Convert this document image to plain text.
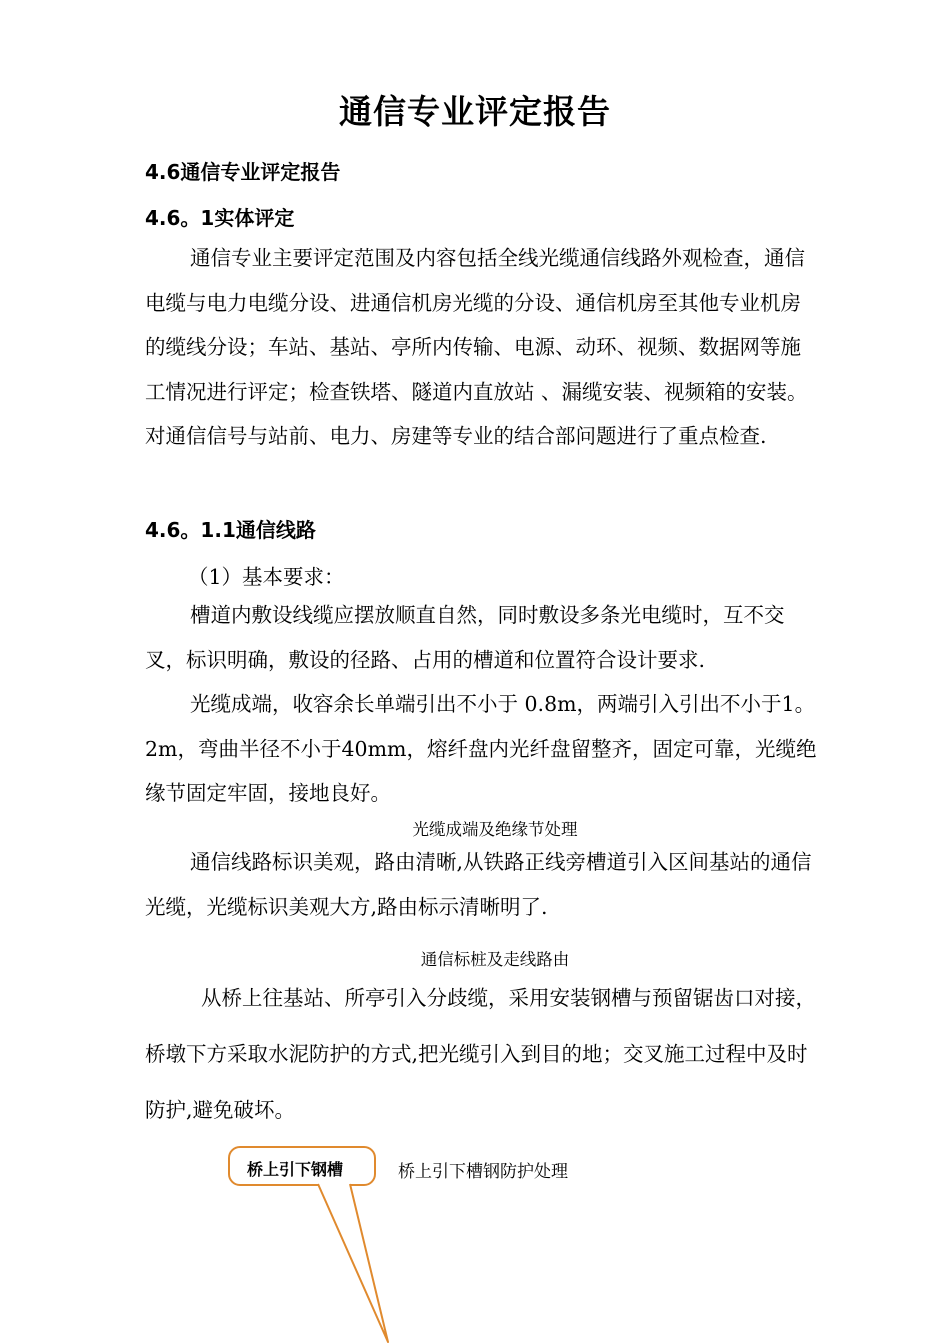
通信专业评定报告
4.6通信专业评定报告
4.6。1实体评定

通信专业主要评定范围及内容包括全线光缆通信线路外观检查，通信电缆与电力电缆分设、进通信机房光缆的分设、通信机房至其他专业机房的缆线分设；车站、基站、亭所内传输、电源、动环、视频、数据网等施工情况进行评定；检查铁塔、隧道内直放站 、漏缆安装、视频箱的安装。对通信信号与站前、电力、房建等专业的结合部问题进行了重点检查.

4.6。1.1通信线路
（1）基本要求：

槽道内敷设线缆应摆放顺直自然，同时敷设多条光电缆时，互不交叉，标识明确，敷设的径路、占用的槽道和位置符合设计要求.

光缆成端，收容余长单端引出不小于 0.8m，两端引入引出不小于1。2m，弯曲半径不小于40mm，熔纤盘内光纤盘留整齐，固定可靠，光缆绝缘节固定牢固，接地良好。

光缆成端及绝缘节处理

通信线路标识美观，路由清晰,从铁路正线旁槽道引入区间基站的通信光缆，光缆标识美观大方,路由标示清晰明了.

通信标桩及走线路由

从桥上往基站、所亭引入分歧缆，采用安装钢槽与预留锯齿口对接，桥墩下方采取水泥防护的方式,把光缆引入到目的地；交叉施工过程中及时防护,避免破坏。

桥上引下钢槽	桥上引下槽钢防护处理
